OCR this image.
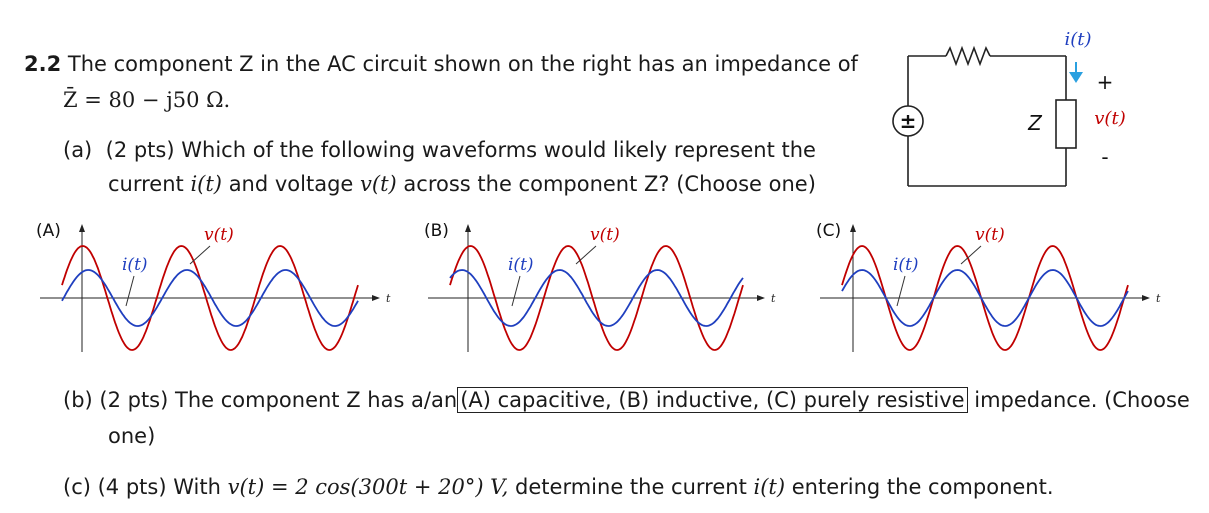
2.2 The component Z in the AC circuit shown on the right has an impedance of
Z̄ = 80 − j50 Ω.
(a) (2 pts) Which of the following waveforms would likely represent the
current i(t) and voltage v(t) across the component Z? (Choose one)
±
i(t)
+
v(t)
-
Z
t
(A)	v(t)
i(t)
t
(B)	v(t)
i(t)
t
(C)	v(t)
i(t)
(b) (2 pts) The component Z has a/an (A) capacitive, (B) inductive, (C) purely resistive impedance. (Choose
one)
(c) (4 pts) With v(t) = 2 cos(300t + 20°) V, determine the current i(t) entering the component.
